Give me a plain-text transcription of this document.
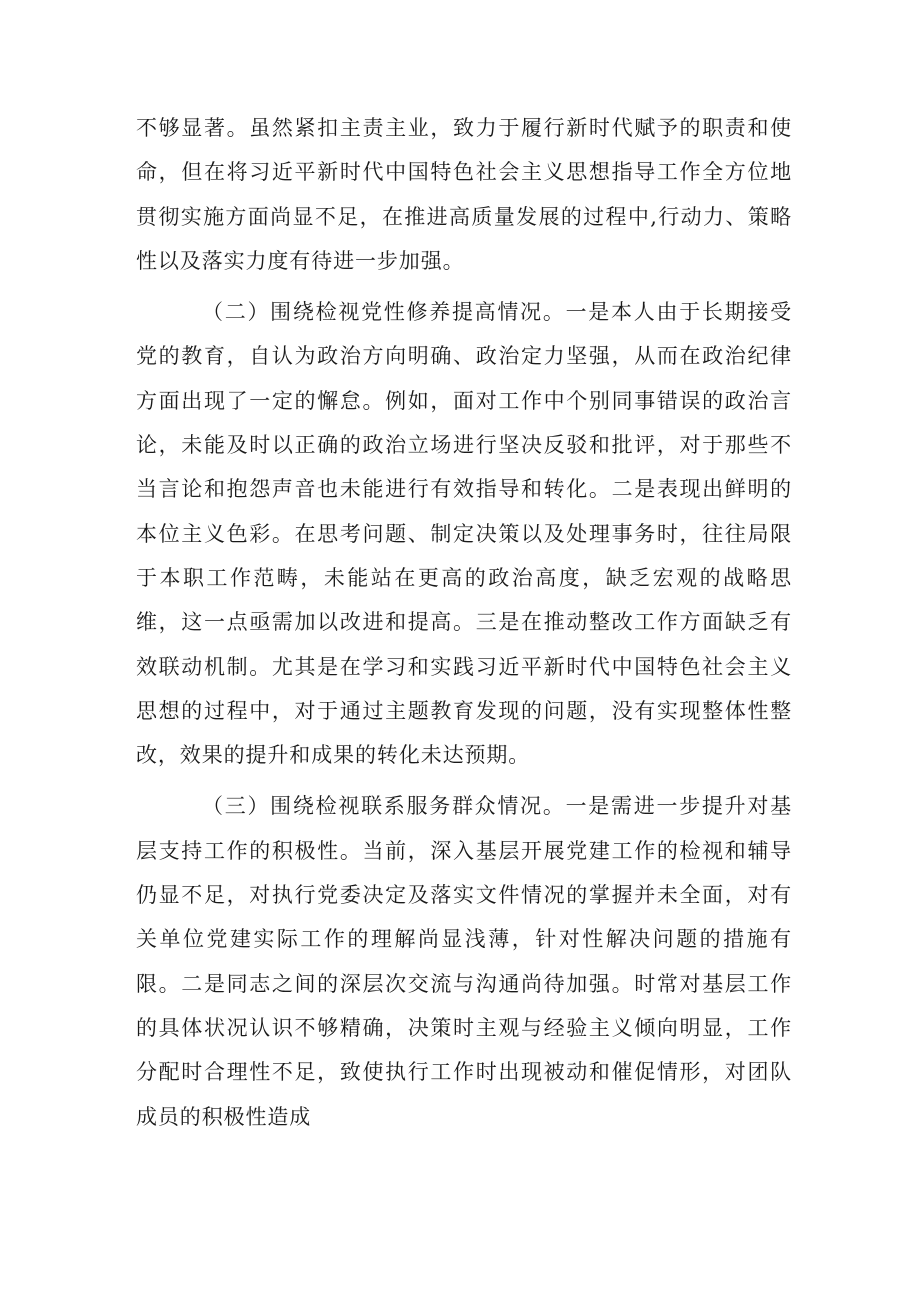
不够显著。虽然紧扣主责主业，致力于履行新时代赋予的职责和使命，但在将习近平新时代中国特色社会主义思想指导工作全方位地贯彻实施方面尚显不足，在推进高质量发展的过程中,行动力、策略性以及落实力度有待进一步加强。

（二）围绕检视党性修养提高情况。一是本人由于长期接受党的教育，自认为政治方向明确、政治定力坚强，从而在政治纪律方面出现了一定的懈怠。例如，面对工作中个别同事错误的政治言论，未能及时以正确的政治立场进行坚决反驳和批评，对于那些不当言论和抱怨声音也未能进行有效指导和转化。二是表现出鲜明的本位主义色彩。在思考问题、制定决策以及处理事务时，往往局限于本职工作范畴，未能站在更高的政治高度，缺乏宏观的战略思维，这一点亟需加以改进和提高。三是在推动整改工作方面缺乏有效联动机制。尤其是在学习和实践习近平新时代中国特色社会主义思想的过程中，对于通过主题教育发现的问题，没有实现整体性整改，效果的提升和成果的转化未达预期。

（三）围绕检视联系服务群众情况。一是需进一步提升对基层支持工作的积极性。当前，深入基层开展党建工作的检视和辅导仍显不足，对执行党委决定及落实文件情况的掌握并未全面，对有关单位党建实际工作的理解尚显浅薄，针对性解决问题的措施有限。二是同志之间的深层次交流与沟通尚待加强。时常对基层工作的具体状况认识不够精确，决策时主观与经验主义倾向明显，工作分配时合理性不足，致使执行工作时出现被动和催促情形，对团队成员的积极性造成
